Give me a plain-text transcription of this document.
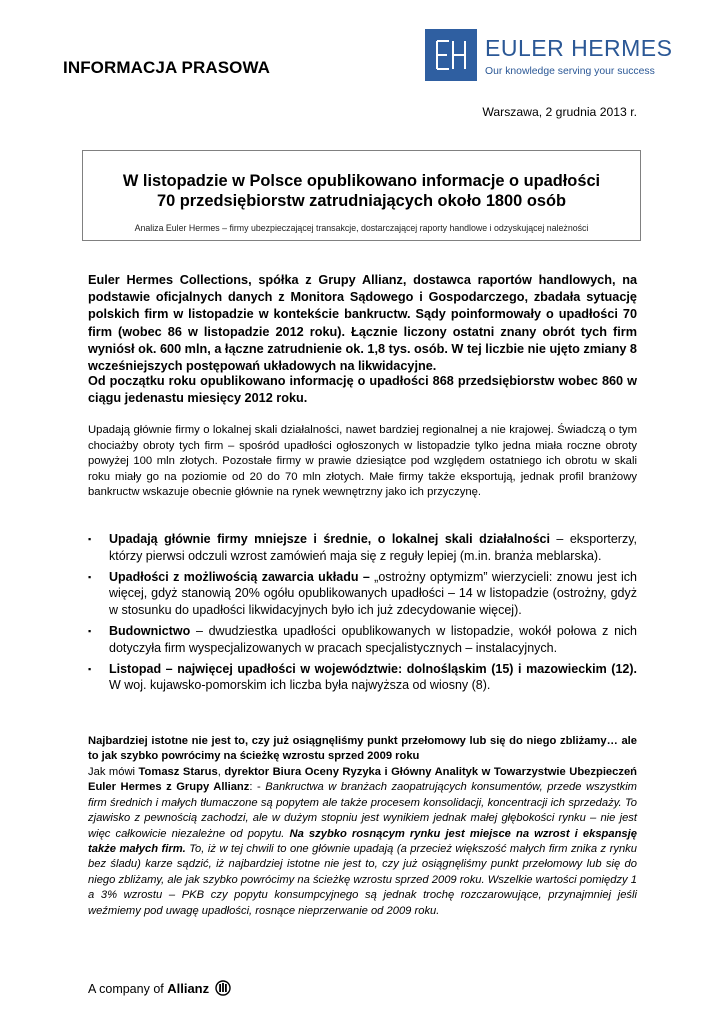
INFORMACJA PRASOWA
EULER HERMES
Our knowledge serving your success
Warszawa, 2 grudnia 2013 r.
W listopadzie w Polsce opublikowano informacje o upadłości
70 przedsiębiorstw zatrudniających około 1800 osób
Analiza Euler Hermes – firmy ubezpieczającej transakcje, dostarczającej raporty handlowe i odzyskującej należności
Euler Hermes Collections, spółka z Grupy Allianz, dostawca raportów handlowych, na podstawie oficjalnych danych z Monitora Sądowego i Gospodarczego, zbadała sytuację polskich firm w listopadzie w kontekście bankructw. Sądy poinformowały o upadłości 70 firm (wobec 86 w listopadzie 2012 roku). Łącznie liczony ostatni znany obrót tych firm wyniósł ok. 600 mln, a łączne zatrudnienie ok. 1,8 tys. osób. W tej liczbie nie ujęto zmiany 8 wcześniejszych postępowań układowych na likwidacyjne.
Od początku roku opublikowano informację o upadłości 868 przedsiębiorstw wobec 860 w ciągu jedenastu miesięcy 2012 roku.
Upadają głównie firmy o lokalnej skali działalności, nawet bardziej regionalnej a nie krajowej. Świadczą o tym chociażby obroty tych firm – spośród upadłości ogłoszonych w listopadzie tylko jedna miała roczne obroty powyżej 100 mln złotych. Pozostałe firmy w prawie dziesiątce pod względem ostatniego ich obrotu w skali roku miały go na poziomie od 20 do 70 mln złotych. Małe firmy także eksportują, jednak profil branżowy bankructw wskazuje obecnie głównie na rynek wewnętrzny jako ich przyczynę.
▪ Upadają głównie firmy mniejsze i średnie, o lokalnej skali działalności – eksporterzy, którzy pierwsi odczuli wzrost zamówień maja się z reguły lepiej (m.in. branża meblarska).
▪ Upadłości z możliwością zawarcia układu – „ostrożny optymizm” wierzycieli: znowu jest ich więcej, gdyż stanowią 20% ogółu opublikowanych upadłości – 14 w listopadzie (ostrożny, gdyż w stosunku do upadłości likwidacyjnych było ich już zdecydowanie więcej).
▪ Budownictwo – dwudziestka upadłości opublikowanych w listopadzie, wokół połowa z nich dotyczyła firm wyspecjalizowanych w pracach specjalistycznych – instalacyjnych.
▪ Listopad – najwięcej upadłości w województwie: dolnośląskim (15) i mazowieckim (12). W woj. kujawsko-pomorskim ich liczba była najwyższa od wiosny (8).
Najbardziej istotne nie jest to, czy już osiągnęliśmy punkt przełomowy lub się do niego zbliżamy… ale to jak szybko powrócimy na ścieżkę wzrostu sprzed 2009 roku
Jak mówi Tomasz Starus, dyrektor Biura Oceny Ryzyka i Główny Analityk w Towarzystwie Ubezpieczeń Euler Hermes z Grupy Allianz: - Bankructwa w branżach zaopatrujących konsumentów, przede wszystkim firm średnich i małych tłumaczone są popytem ale także procesem konsolidacji, koncentracji ich sprzedaży. To zjawisko z pewnością zachodzi, ale w dużym stopniu jest wynikiem jednak małej głębokości rynku – nie jest więc całkowicie niezależne od popytu. Na szybko rosnącym rynku jest miejsce na wzrost i ekspansję także małych firm. To, iż w tej chwili to one głównie upadają (a przecież większość małych firm znika z rynku bez śladu) karze sądzić, iż najbardziej istotne nie jest to, czy już osiągnęliśmy punkt przełomowy lub się do niego zbliżamy, ale jak szybko powrócimy na ścieżkę wzrostu sprzed 2009 roku. Wszelkie wartości pomiędzy 1 a 3% wzrostu – PKB czy popytu konsumpcyjnego są jednak trochę rozczarowujące, przynajmniej jeśli weźmiemy pod uwagę upadłości, rosnące nieprzerwanie od 2009 roku.
A company of Allianz
